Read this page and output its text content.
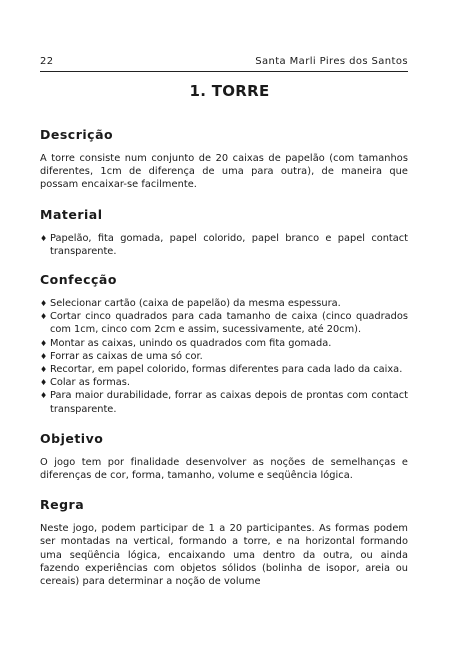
22	Santa Marli Pires dos Santos
1. TORRE
Descrição

A torre consiste num conjunto de 20 caixas de papelão (com tamanhos diferentes, 1cm de diferença de uma para outra), de maneira que possam encaixar-se facilmente.

Material
♦ Papelão, fita gomada, papel colorido, papel branco e papel contact transparente.
Confecção
♦ Selecionar cartão (caixa de papelão) da mesma espessura.
♦ Cortar cinco quadrados para cada tamanho de caixa (cinco quadrados com 1cm, cinco com 2cm e assim, sucessivamente, até 20cm).
♦ Montar as caixas, unindo os quadrados com fita gomada.
♦ Forrar as caixas de uma só cor.
♦ Recortar, em papel colorido, formas diferentes para cada lado da caixa.
♦ Colar as formas.
♦ Para maior durabilidade, forrar as caixas depois de prontas com contact transparente.
Objetivo

O jogo tem por finalidade desenvolver as noções de semelhanças e diferenças de cor, forma, tamanho, volume e seqüência lógica.

Regra

Neste jogo, podem participar de 1 a 20 participantes. As formas podem ser montadas na vertical, formando a torre, e na horizontal formando uma seqüência lógica, encaixando uma dentro da outra, ou ainda fazendo experiências com objetos sólidos (bolinha de isopor, areia ou cereais) para determinar a noção de volume
